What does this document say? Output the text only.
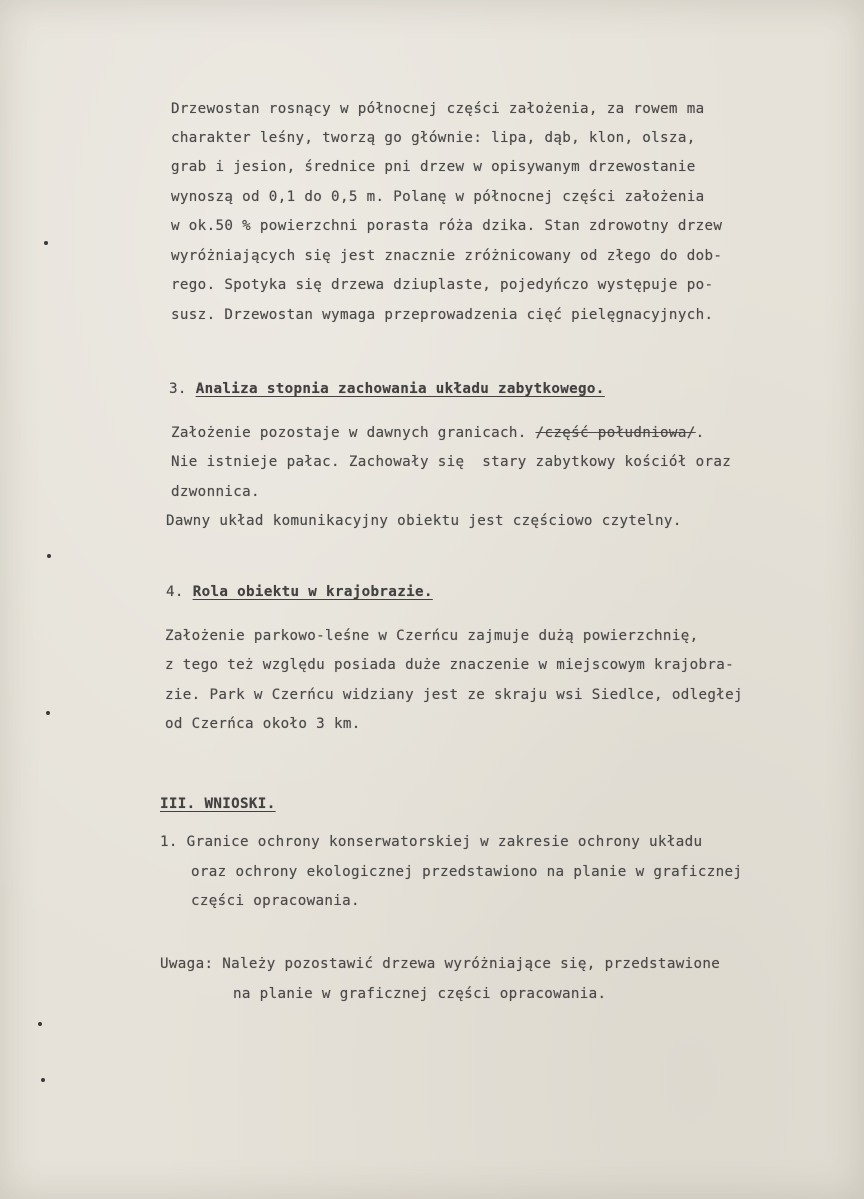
Drzewostan rosnący w północnej części założenia, za rowem ma
charakter leśny, tworzą go głównie: lipa, dąb, klon, olsza,
grab i jesion, średnice pni drzew w opisywanym drzewostanie
wynoszą od 0,1 do 0,5 m. Polanę w północnej części założenia
w ok.50 % powierzchni porasta róża dzika. Stan zdrowotny drzew
wyróżniających się jest znacznie zróżnicowany od złego do dob-
rego. Spotyka się drzewa dziuplaste, pojedyńczo występuje po-
susz. Drzewostan wymaga przeprowadzenia cięć pielęgnacyjnych.
3. Analiza stopnia zachowania układu zabytkowego.
Założenie pozostaje w dawnych granicach. /część południowa/.
Nie istnieje pałac. Zachowały się  stary zabytkowy kościół oraz
dzwonnica.
Dawny układ komunikacyjny obiektu jest częściowo czytelny.
4. Rola obiektu w krajobrazie.
Założenie parkowo-leśne w Czerńcu zajmuje dużą powierzchnię,
z tego też względu posiada duże znaczenie w miejscowym krajobra-
zie. Park w Czerńcu widziany jest ze skraju wsi Siedlce, odległej
od Czerńca około 3 km.
III. WNIOSKI.
1. Granice ochrony konserwatorskiej w zakresie ochrony układu
oraz ochrony ekologicznej przedstawiono na planie w graficznej
części opracowania.
Uwaga: Należy pozostawić drzewa wyróżniające się, przedstawione
na planie w graficznej części opracowania.
